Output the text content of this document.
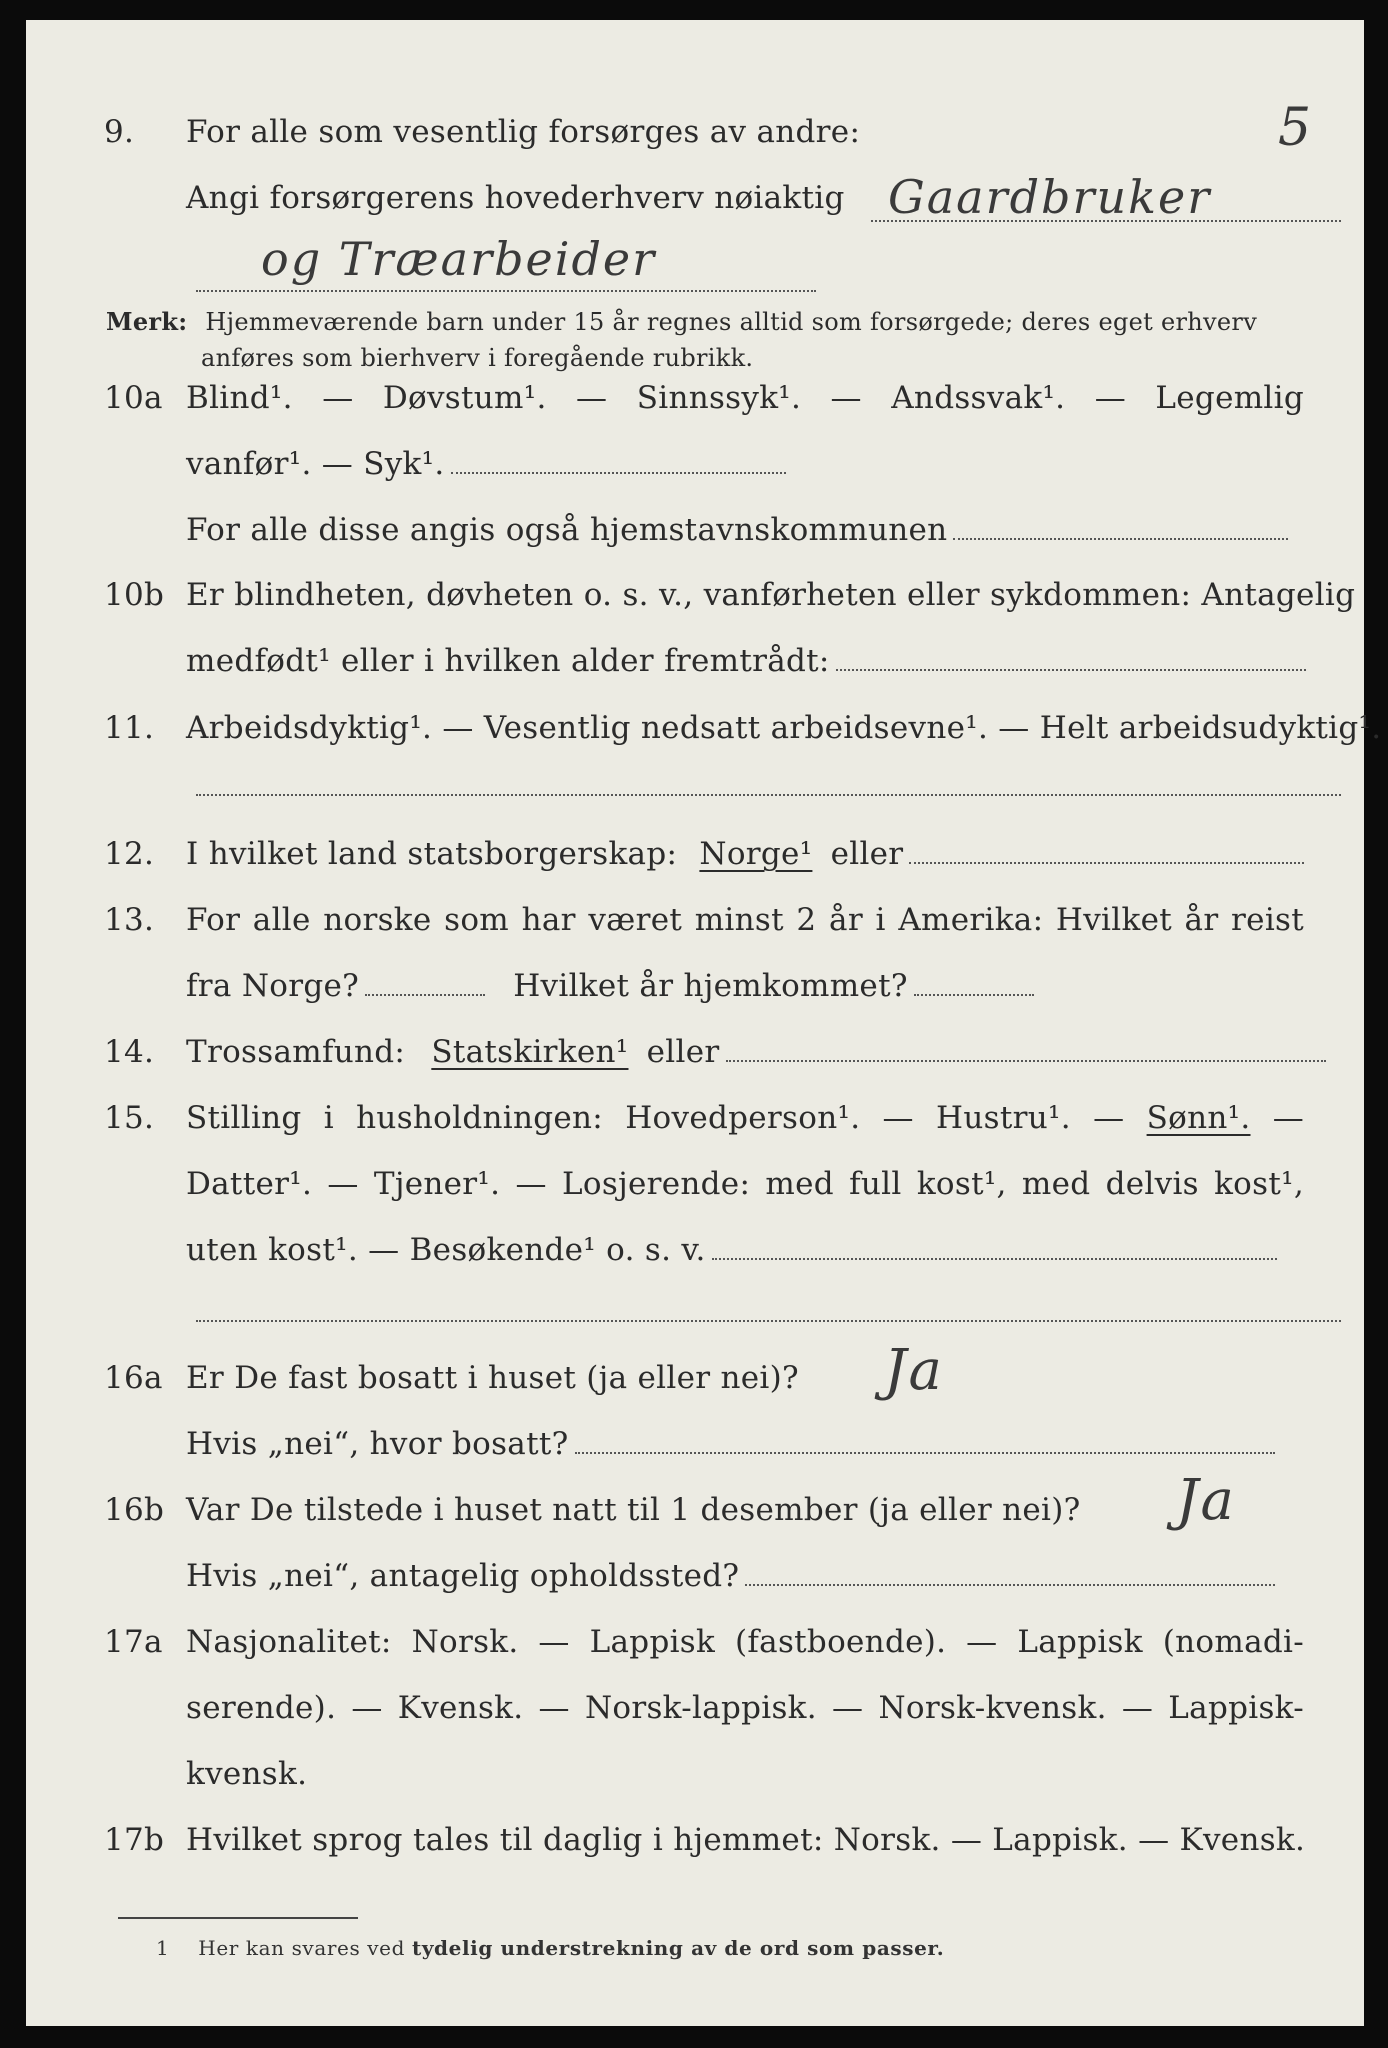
5
9.	For alle som vesentlig forsørges av andre:
Angi forsørgerens hovederhverv nøiaktig Gaardbruker
og Træarbeider
Merk: Hjemmeværende barn under 15 år regnes alltid som forsørgede; deres eget erhverv
anføres som bierhverv i foregående rubrikk.
10a Blind¹. — Døvstum¹. — Sinnssyk¹. — Andssvak¹. — Legemlig
vanfør¹. — Syk¹.
For alle disse angis også hjemstavnskommunen
10b Er blindheten, døvheten o. s. v., vanførheten eller sykdommen: Antagelig
medfødt¹ eller i hvilken alder fremtrådt:
11.	Arbeidsdyktig¹. — Vesentlig nedsatt arbeidsevne¹. — Helt arbeidsudyktig¹.
12.	I hvilket land statsborgerskap: Norge¹ eller
13.	For alle norske som har været minst 2 år i Amerika: Hvilket år reist
fra Norge?	Hvilket år hjemkommet?
14.	Trossamfund: Statskirken¹ eller
15.	Stilling i husholdningen: Hovedperson¹. — Hustru¹. — Sønn¹. —
Datter¹. — Tjener¹. — Losjerende: med full kost¹, med delvis kost¹,
uten kost¹. — Besøkende¹ o. s. v.
16a Er De fast bosatt i huset (ja eller nei)? Ja
Hvis „nei“, hvor bosatt?
16b Var De tilstede i huset natt til 1 desember (ja eller nei)? Ja
Hvis „nei“, antagelig opholdssted?
17a Nasjonalitet: Norsk. — Lappisk (fastboende). — Lappisk (nomadi-
serende). — Kvensk. — Norsk-lappisk. — Norsk-kvensk. — Lappisk-
kvensk.
17b Hvilket sprog tales til daglig i hjemmet: Norsk. — Lappisk. — Kvensk.
1 Her kan svares ved tydelig understrekning av de ord som passer.
